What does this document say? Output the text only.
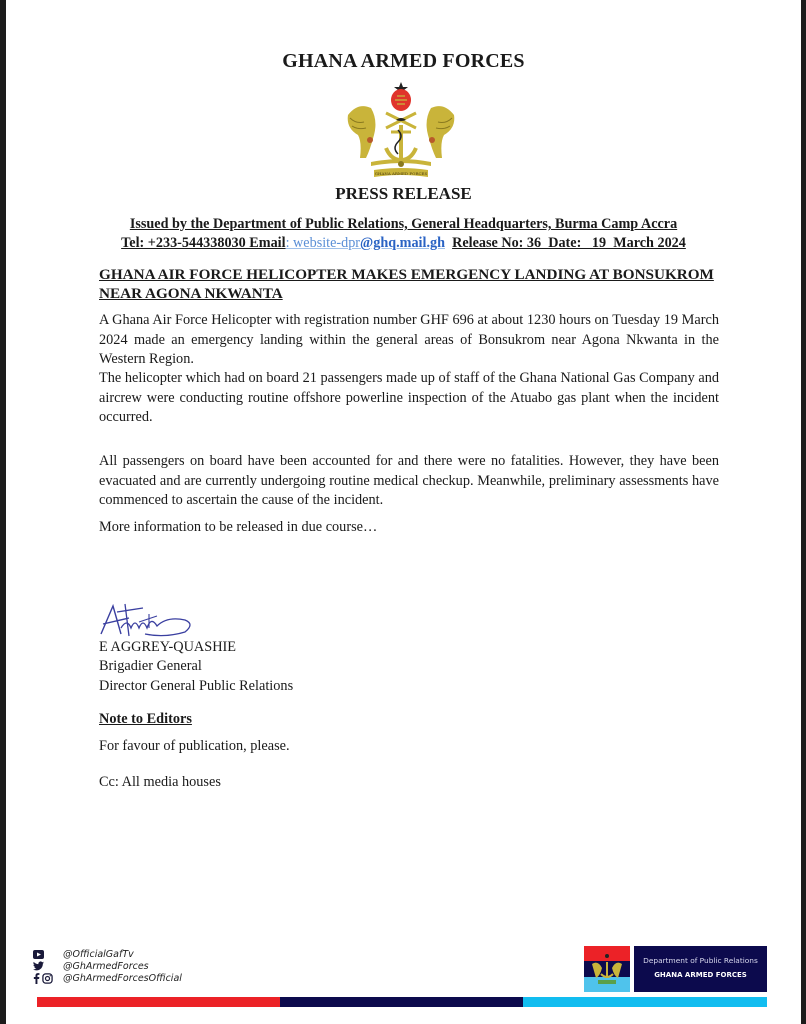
GHANA ARMED FORCES
GHANA ARMED FORCES
PRESS RELEASE
Issued by the Department of Public Relations, General Headquarters, Burma Camp Accra
Tel: +233-544338030 Email: website-dpr@ghq.mail.gh Release No: 36  Date:   19  March 2024
GHANA AIR FORCE HELICOPTER MAKES EMERGENCY LANDING AT BONSUKROM NEAR AGONA NKWANTA
A Ghana Air Force Helicopter with registration number GHF 696 at about 1230 hours on Tuesday 19 March 2024 made an emergency landing within the general areas of Bonsukrom near Agona Nkwanta in the Western Region.
The helicopter which had on board 21 passengers made up of staff of the Ghana National Gas Company and aircrew were conducting routine offshore powerline inspection of the Atuabo gas plant when the incident occurred.
All passengers on board have been accounted for and there were no fatalities. However, they have been evacuated and are currently undergoing routine medical checkup. Meanwhile, preliminary assessments have commenced to ascertain the cause of the incident.
More information to be released in due course…
E AGGREY-QUASHIE
Brigadier General
Director General Public Relations
Note to Editors
For favour of publication, please.
Cc: All media houses
@OfficialGafTv
@GhArmedForces
@GhArmedForcesOfficial
Department of Public Relations
GHANA ARMED FORCES
